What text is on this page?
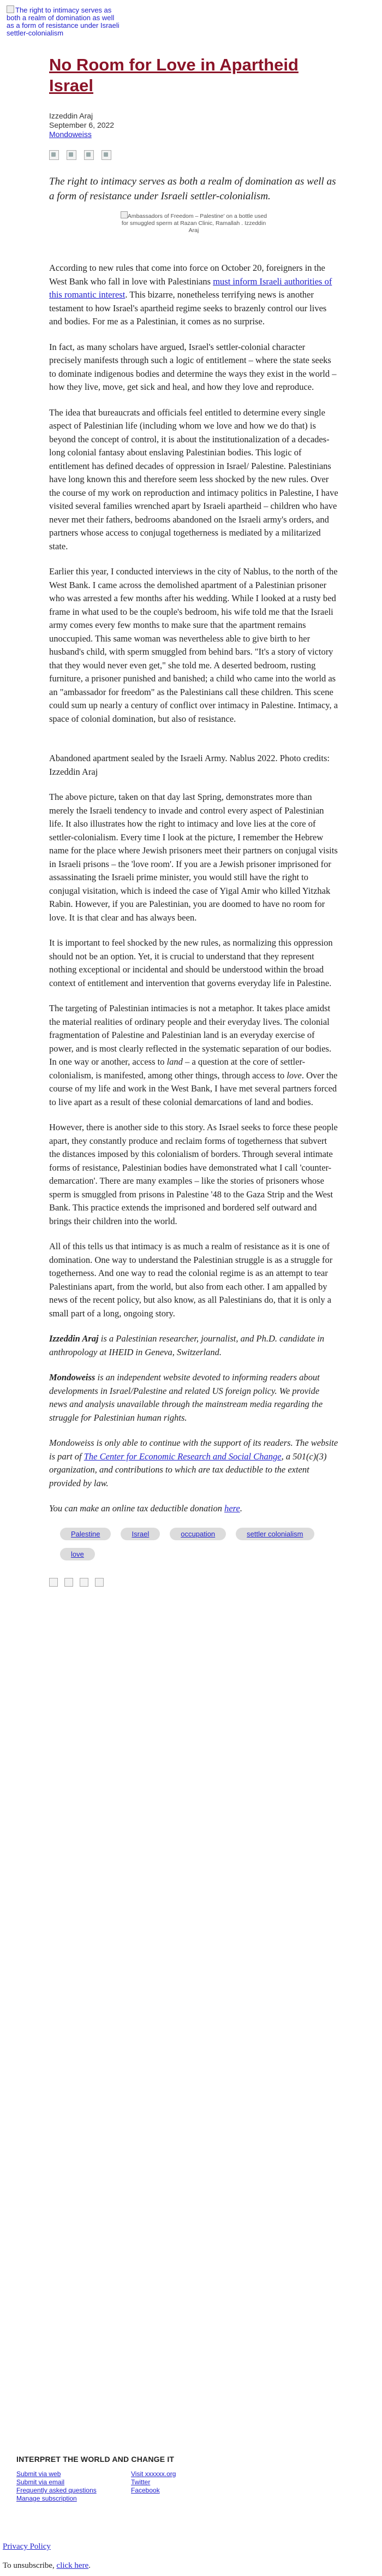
The right to intimacy serves as both a realm of domination as well as a form of resistance under Israeli settler-colonialism
No Room for Love in Apartheid Israel
Izzeddin Araj
September 6, 2022
Mondoweiss

The right to intimacy serves as both a realm of domination as well as a form of resistance under Israeli settler-colonialism.

Ambassadors of Freedom – Palestine' on a bottle used for smuggled sperm at Razan Clinic, Ramallah . Izzeddin Araj

According to new rules that come into force on October 20, foreigners in the West Bank who fall in love with Palestinians must inform Israeli authorities of this romantic interest. This bizarre, nonetheless terrifying news is another testament to how Israel's apartheid regime seeks to brazenly control our lives and bodies. For me as a Palestinian, it comes as no surprise.

In fact, as many scholars have argued, Israel's settler-colonial character precisely manifests through such a logic of entitlement – where the state seeks to dominate indigenous bodies and determine the ways they exist in the world – how they live, move, get sick and heal, and how they love and reproduce.

The idea that bureaucrats and officials feel entitled to determine every single aspect of Palestinian life (including whom we love and how we do that) is beyond the concept of control, it is about the institutionalization of a decades-long colonial fantasy about enslaving Palestinian bodies. This logic of entitlement has defined decades of oppression in Israel/ Palestine. Palestinians have long known this and therefore seem less shocked by the new rules. Over the course of my work on reproduction and intimacy politics in Palestine, I have visited several families wrenched apart by Israeli apartheid – children who have never met their fathers, bedrooms abandoned on the Israeli army's orders, and partners whose access to conjugal togetherness is mediated by a militarized state.

Earlier this year, I conducted interviews in the city of Nablus, to the north of the West Bank. I came across the demolished apartment of a Palestinian prisoner who was arrested a few months after his wedding. While I looked at a rusty bed frame in what used to be the couple's bedroom, his wife told me that the Israeli army comes every few months to make sure that the apartment remains unoccupied. This same woman was nevertheless able to give birth to her husband's child, with sperm smuggled from behind bars. "It's a story of victory that they would never even get," she told me. A deserted bedroom, rusting furniture, a prisoner punished and banished; a child who came into the world as an "ambassador for freedom" as the Palestinians call these children. This scene could sum up nearly a century of conflict over intimacy in Palestine. Intimacy, a space of colonial domination, but also of resistance.

Abandoned apartment sealed by the Israeli Army. Nablus 2022. Photo credits: Izzeddin Araj

The above picture, taken on that day last Spring, demonstrates more than merely the Israeli tendency to invade and control every aspect of Palestinian life. It also illustrates how the right to intimacy and love lies at the core of settler-colonialism. Every time I look at the picture, I remember the Hebrew name for the place where Jewish prisoners meet their partners on conjugal visits in Israeli prisons – the 'love room'. If you are a Jewish prisoner imprisoned for assassinating the Israeli prime minister, you would still have the right to conjugal visitation, which is indeed the case of Yigal Amir who killed Yitzhak Rabin. However, if you are Palestinian, you are doomed to have no room for love. It is that clear and has always been.

It is important to feel shocked by the new rules, as normalizing this oppression should not be an option. Yet, it is crucial to understand that they represent nothing exceptional or incidental and should be understood within the broad context of entitlement and intervention that governs everyday life in Palestine.

The targeting of Palestinian intimacies is not a metaphor. It takes place amidst the material realities of ordinary people and their everyday lives. The colonial fragmentation of Palestine and Palestinian land is an everyday exercise of power, and is most clearly reflected in the systematic separation of our bodies. In one way or another, access to land – a question at the core of settler-colonialism, is manifested, among other things, through access to love. Over the course of my life and work in the West Bank, I have met several partners forced to live apart as a result of these colonial demarcations of land and bodies.

However, there is another side to this story. As Israel seeks to force these people apart, they constantly produce and reclaim forms of togetherness that subvert the distances imposed by this colonialism of borders. Through several intimate forms of resistance, Palestinian bodies have demonstrated what I call 'counter-demarcation'. There are many examples – like the stories of prisoners whose sperm is smuggled from prisons in Palestine '48 to the Gaza Strip and the West Bank. This practice extends the imprisoned and bordered self outward and brings their children into the world.

All of this tells us that intimacy is as much a realm of resistance as it is one of domination. One way to understand the Palestinian struggle is as a struggle for togetherness. And one way to read the colonial regime is as an attempt to tear Palestinians apart, from the world, but also from each other. I am appalled by news of the recent policy, but also know, as all Palestinians do, that it is only a small part of a long, ongoing story.

Izzeddin Araj is a Palestinian researcher, journalist, and Ph.D. candidate in anthropology at IHEID in Geneva, Switzerland.

Mondoweiss is an independent website devoted to informing readers about developments in Israel/Palestine and related US foreign policy. We provide news and analysis unavailable through the mainstream media regarding the struggle for Palestinian human rights.

Mondoweiss is only able to continue with the support of its readers. The website is part of The Center for Economic Research and Social Change, a 501(c)(3) organization, and contributions to which are tax deductible to the extent provided by law.

You can make an online tax deductible donation here.

Palestine	Israel	occupation	settler colonialism love

INTERPRET THE WORLD AND CHANGE IT
Submit via web
Submit via email
Frequently asked questions
Manage subscription
Visit xxxxxx.org
Twitter
Facebook
Privacy Policy
To unsubscribe, click here.
